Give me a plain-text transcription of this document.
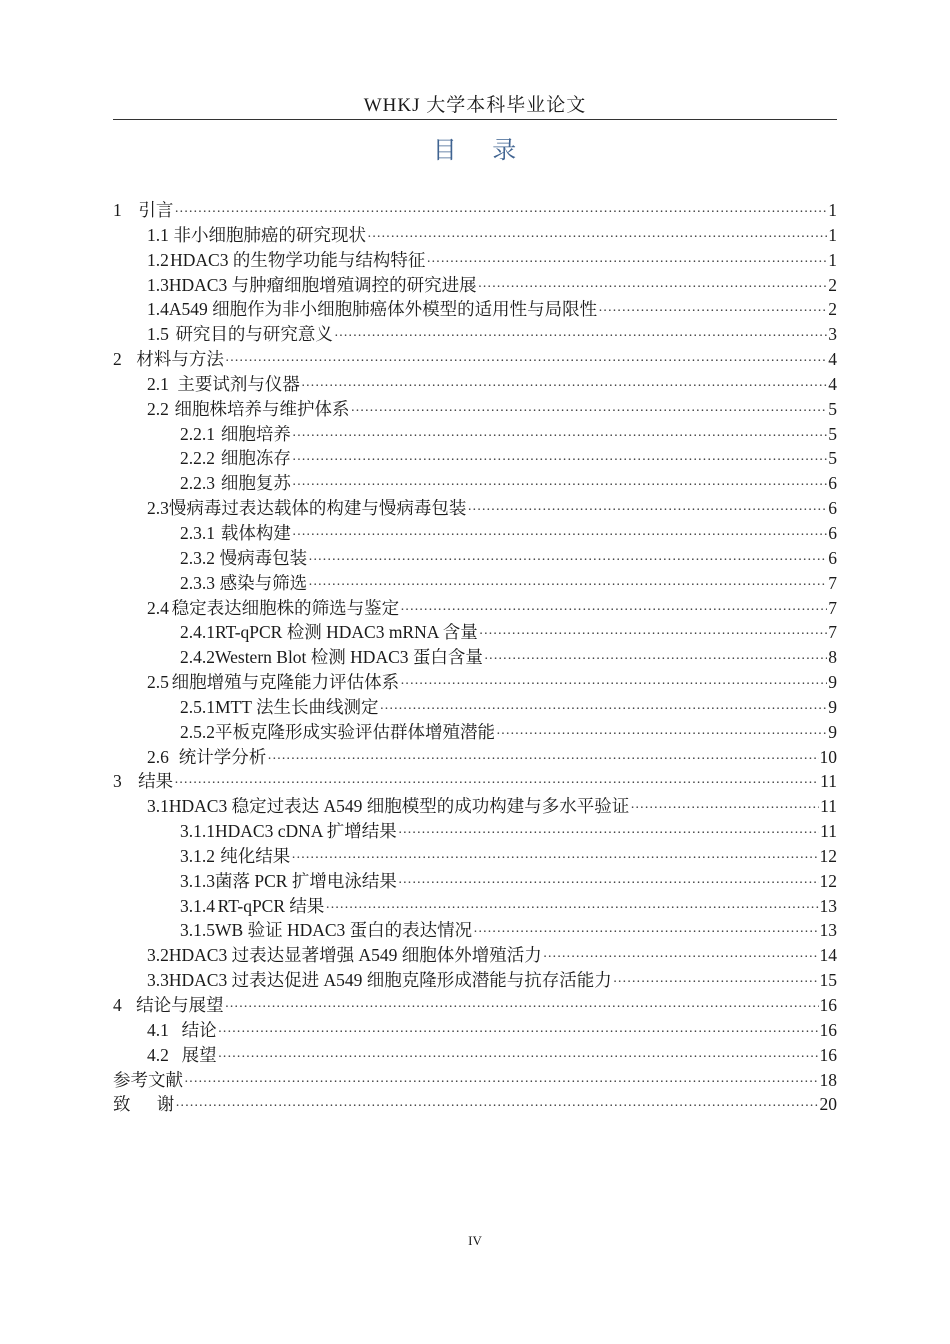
WHKJ 大学本科毕业论文
目    录
1 引言 ·····	1
1.1 非小细胞肺癌的研究现状 ·····	1
1.2 HDAC3 的生物学功能与结构特征 ·····	1
1.3 HDAC3 与肿瘤细胞增殖调控的研究进展 ·····	2
1.4 A549 细胞作为非小细胞肺癌体外模型的适用性与局限性 ·····	2
1.5 研究目的与研究意义 ·····	3
2 材料与方法 ·····	4
2.1 主要试剂与仪器 ·····	4
2.2 细胞株培养与维护体系 ·····	5
2.2.1 细胞培养 ·····	5
2.2.2 细胞冻存 ·····	5
2.2.3 细胞复苏 ·····	6
2.3 慢病毒过表达载体的构建与慢病毒包装 ·····	6
2.3.1 载体构建 ·····	6
2.3.2 慢病毒包装 ·····	6
2.3.3 感染与筛选 ·····	7
2.4 稳定表达细胞株的筛选与鉴定 ·····	7
2.4.1 RT-qPCR 检测 HDAC3 mRNA 含量 ·····	7
2.4.2 Western Blot 检测 HDAC3 蛋白含量 ·····	8
2.5 细胞增殖与克隆能力评估体系 ·····	9
2.5.1 MTT 法生长曲线测定 ·····	9
2.5.2 平板克隆形成实验评估群体增殖潜能 ·····	9
2.6 统计学分析 ·····	10
3 结果 ·····	11
3.1 HDAC3 稳定过表达 A549 细胞模型的成功构建与多水平验证 ·····	11
3.1.1 HDAC3 cDNA 扩增结果 ·····	11
3.1.2 纯化结果 ·····	12
3.1.3 菌落 PCR 扩增电泳结果 ·····	12
3.1.4 RT-qPCR 结果 ·····	13
3.1.5 WB 验证 HDAC3 蛋白的表达情况 ·····	13
3.2 HDAC3 过表达显著增强 A549 细胞体外增殖活力 ·····	14
3.3 HDAC3 过表达促进 A549 细胞克隆形成潜能与抗存活能力 ·····	15
4 结论与展望 ·····	16
4.1 结论 ·····	16
4.2 展望 ·····	16
参考文献 ·····	18
致      谢 ·····	20
IV
